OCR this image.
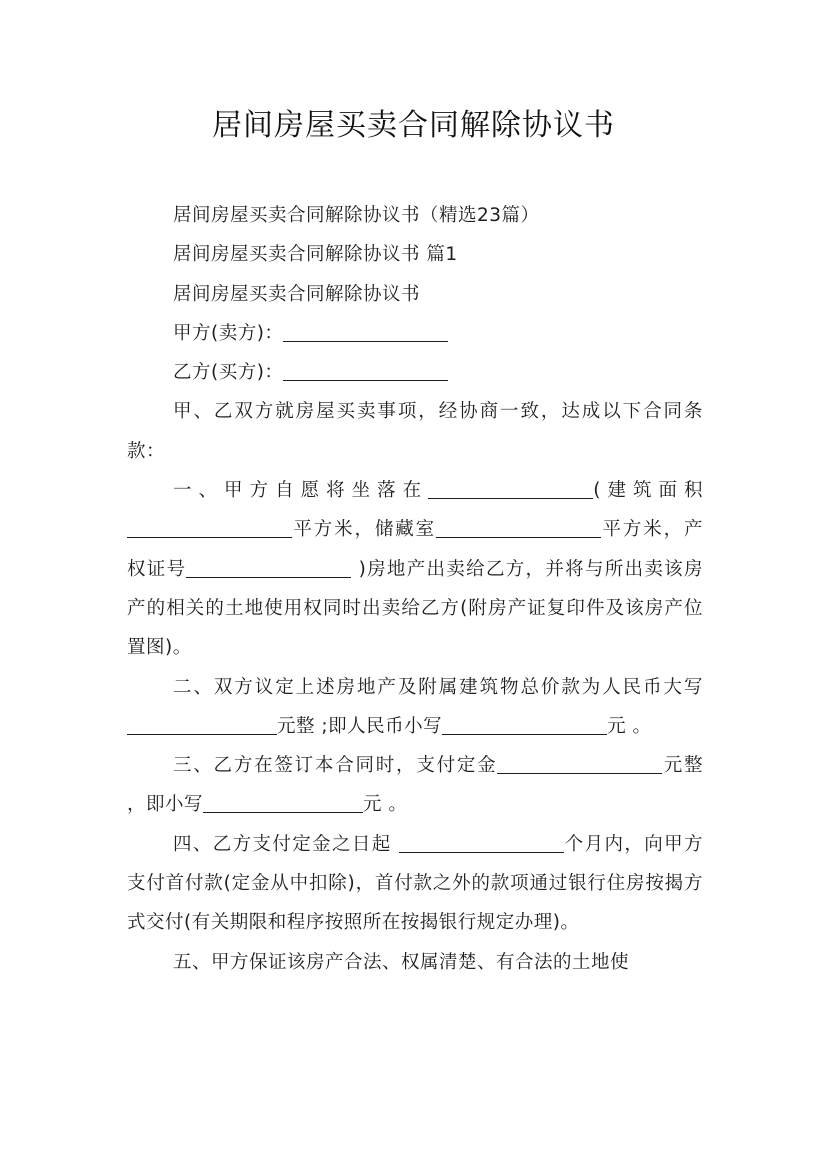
居间房屋买卖合同解除协议书

居间房屋买卖合同解除协议书（精选23篇）

居间房屋买卖合同解除协议书 篇1

居间房屋买卖合同解除协议书

甲方(卖方)：

乙方(买方)：

甲、乙双方就房屋买卖事项，经协商一致，达成以下合同条款：

一、甲方自愿将坐落在	(建筑面积平方米，储藏室	平方米，产权证号	)房地产出卖给乙方，并将与所出卖该房产的相关的土地使用权同时出卖给乙方(附房产证复印件及该房产位置图)。

二、双方议定上述房地产及附属建筑物总价款为人民币大写元整 ;即人民币小写	元 。

三、乙方在签订本合同时，支付定金	元整 ，即小写	元 。

四、乙方支付定金之日起	个月内，向甲方支付首付款(定金从中扣除)，首付款之外的款项通过银行住房按揭方式交付(有关期限和程序按照所在按揭银行规定办理)。

五、甲方保证该房产合法、权属清楚、有合法的土地使
